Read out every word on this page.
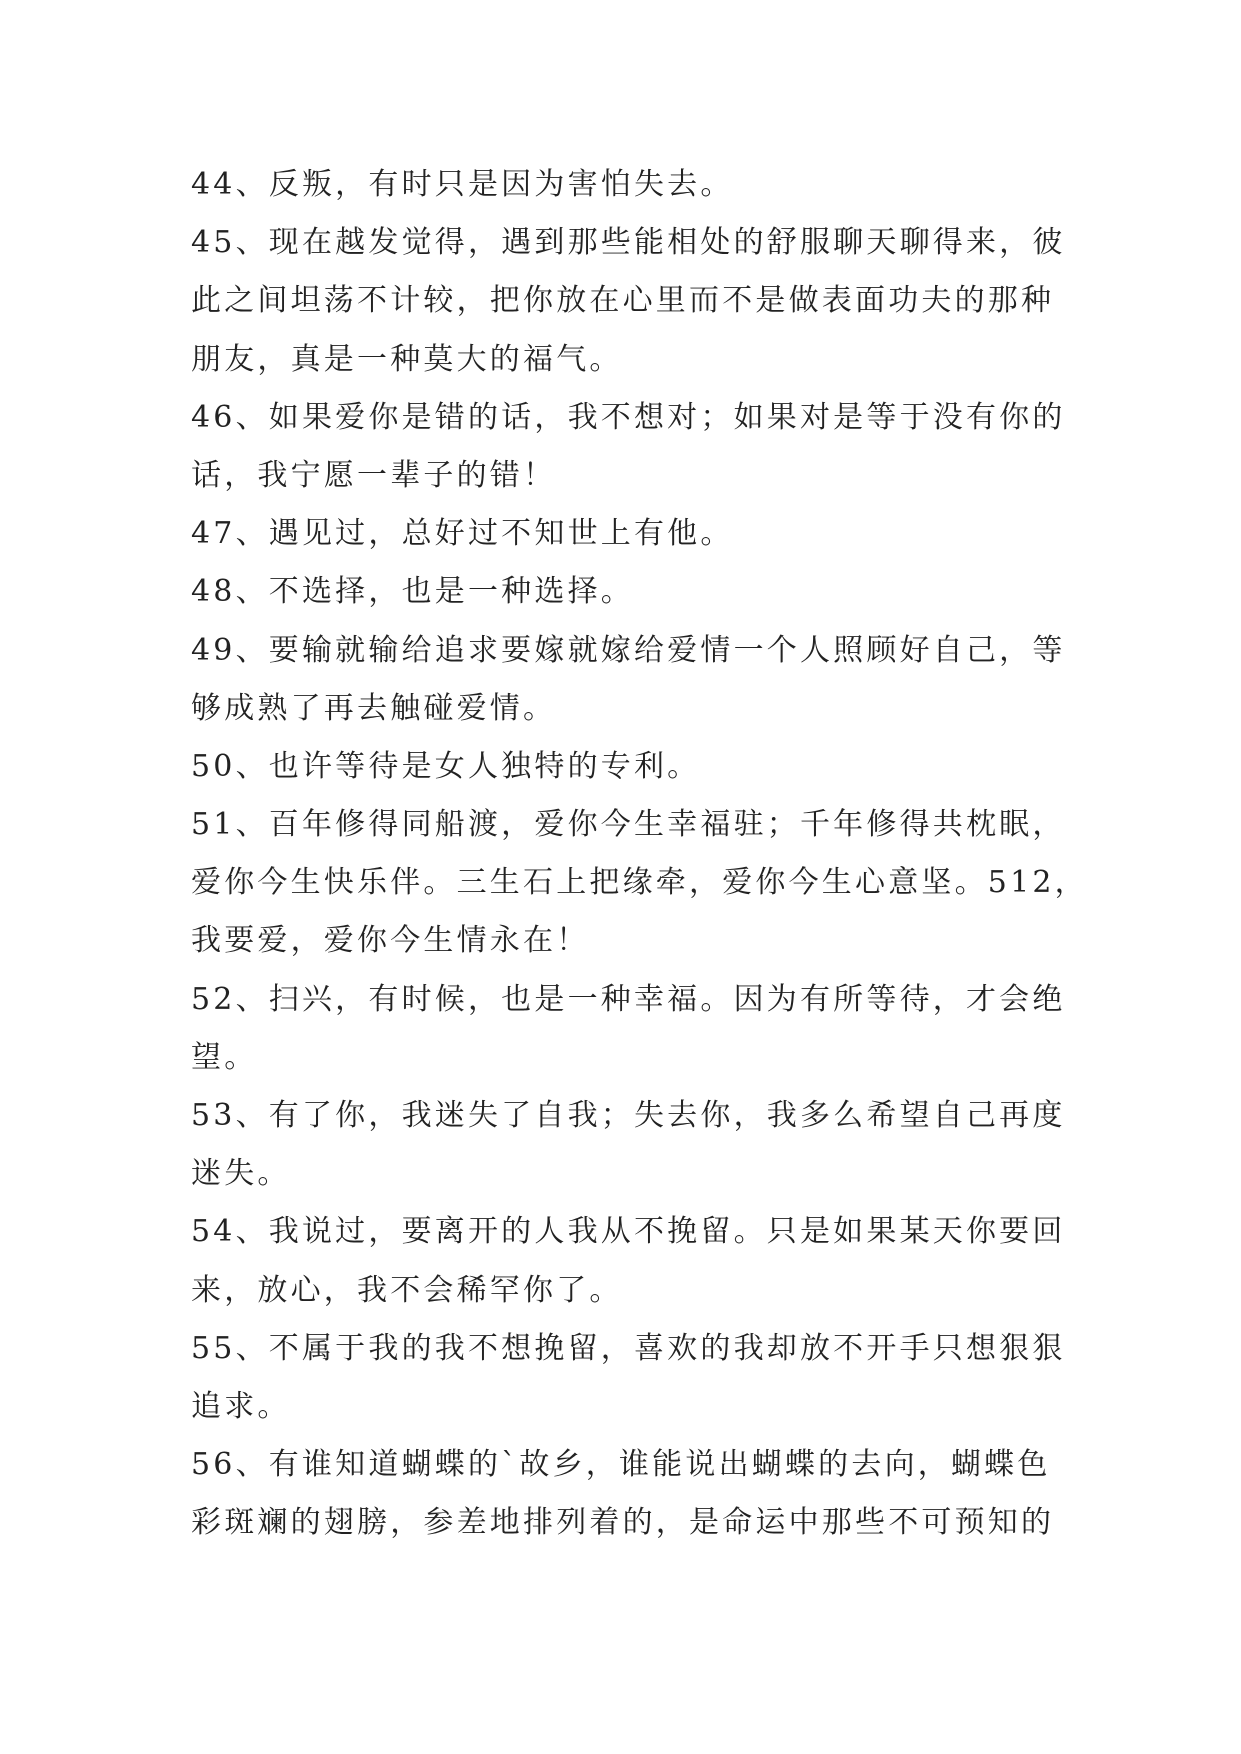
44、反叛，有时只是因为害怕失去。
45、现在越发觉得，遇到那些能相处的舒服聊天聊得来，彼
此之间坦荡不计较，把你放在心里而不是做表面功夫的那种
朋友，真是一种莫大的福气。
46、如果爱你是错的话，我不想对；如果对是等于没有你的
话，我宁愿一辈子的错！
47、遇见过，总好过不知世上有他。
48、不选择，也是一种选择。
49、要输就输给追求要嫁就嫁给爱情一个人照顾好自己，等
够成熟了再去触碰爱情。
50、也许等待是女人独特的专利。
51、百年修得同船渡，爱你今生幸福驻；千年修得共枕眠，
爱你今生快乐伴。三生石上把缘牵，爱你今生心意坚。512，
我要爱，爱你今生情永在！
52、扫兴，有时候，也是一种幸福。因为有所等待，才会绝
望。
53、有了你，我迷失了自我；失去你，我多么希望自己再度
迷失。
54、我说过，要离开的人我从不挽留。只是如果某天你要回
来，放心，我不会稀罕你了。
55、不属于我的我不想挽留，喜欢的我却放不开手只想狠狠
追求。
56、有谁知道蝴蝶的`故乡，谁能说出蝴蝶的去向，蝴蝶色
彩斑斓的翅膀，参差地排列着的，是命运中那些不可预知的
